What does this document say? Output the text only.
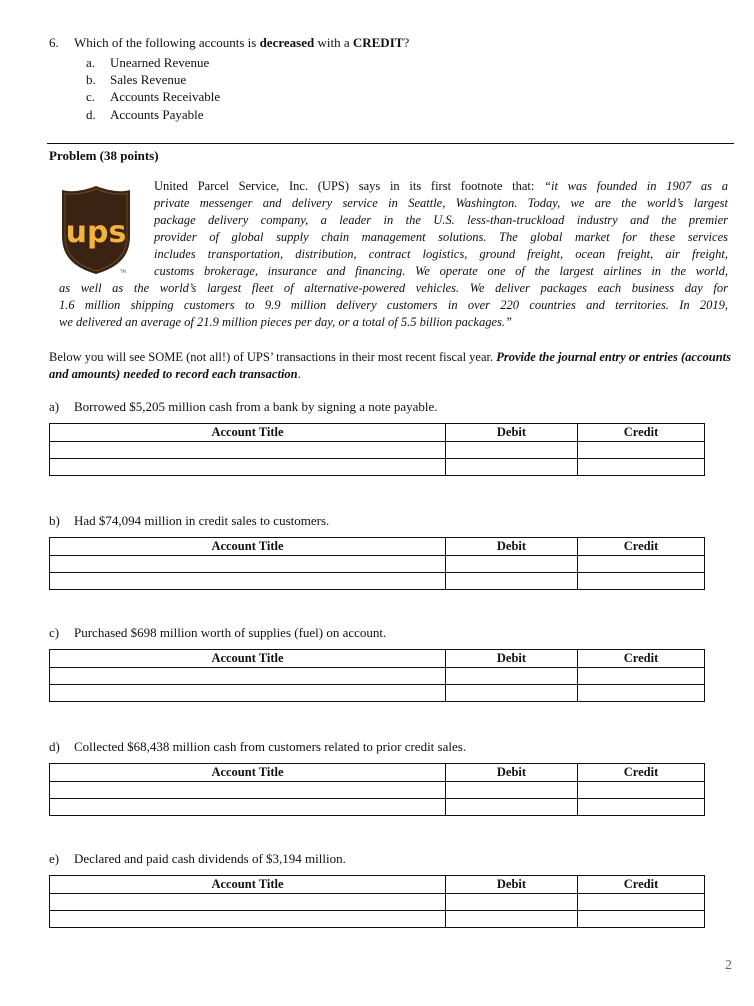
6. Which of the following accounts is decreased with a CREDIT?
a. Unearned Revenue
b. Sales Revenue
c. Accounts Receivable
d. Accounts Payable
Problem (38 points)
ups
TM
United Parcel Service, Inc. (UPS) says in its first footnote that: “it was founded in 1907 as a
private messenger and delivery service in Seattle, Washington. Today, we are the world’s largest
package delivery company, a leader in the U.S. less-than-truckload industry and the premier
provider of global supply chain management solutions. The global market for these services
includes transportation, distribution, contract logistics, ground freight, ocean freight, air freight,
customs brokerage, insurance and financing. We operate one of the largest airlines in the world,
as well as the world’s largest fleet of alternative-powered vehicles. We deliver packages each business day for
1.6 million shipping customers to 9.9 million delivery customers in over 220 countries and territories. In 2019,
we delivered an average of 21.9 million pieces per day, or a total of 5.5 billion packages.”
Below you will see SOME (not all!) of UPS’ transactions in their most recent fiscal year. Provide the journal entry or entries (accounts and amounts) needed to record each transaction.
a) Borrowed $5,205 million cash from a bank by signing a note payable.
Account Title	Debit	Credit

b) Had $74,094 million in credit sales to customers.
Account Title	Debit	Credit

c) Purchased $698 million worth of supplies (fuel) on account.
Account Title	Debit	Credit

d) Collected $68,438 million cash from customers related to prior credit sales.
Account Title	Debit	Credit

e) Declared and paid cash dividends of $3,194 million.
Account Title	Debit	Credit

2
